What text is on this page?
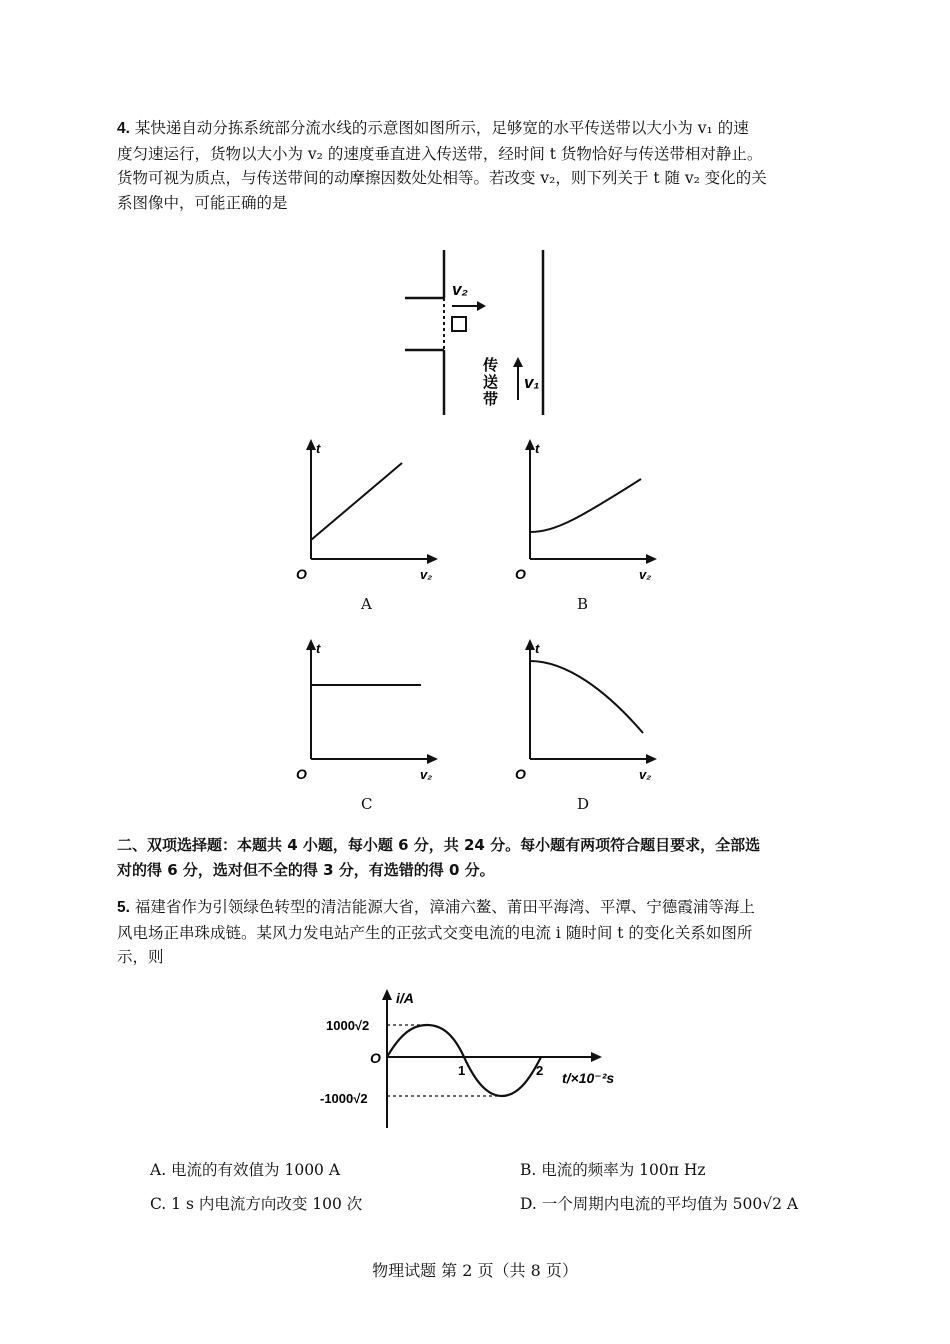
4. 某快递自动分拣系统部分流水线的示意图如图所示，足够宽的水平传送带以大小为 v₁ 的速
度匀速运行，货物以大小为 v₂ 的速度垂直进入传送带，经时间 t 货物恰好与传送带相对静止。
货物可视为质点，与传送带间的动摩擦因数处处相等。若改变 v₂，则下列关于 t 随 v₂ 变化的关
系图像中，可能正确的是
v₂
传
送
带
v₁
t
v₂
O
A
t
v₂
O
B
t
v₂
O
C
t
v₂
O
D
二、双项选择题：本题共 4 小题，每小题 6 分，共 24 分。每小题有两项符合题目要求，全部选
对的得 6 分，选对但不全的得 3 分，有选错的得 0 分。
5. 福建省作为引领绿色转型的清洁能源大省，漳浦六鳌、莆田平海湾、平潭、宁德霞浦等海上
风电场正串珠成链。某风力发电站产生的正弦式交变电流的电流 i 随时间 t 的变化关系如图所
示，则
i/A
t/×10⁻²s
O
1000√2
-1000√2
1	2
A. 电流的有效值为 1000 A	B. 电流的频率为 100π Hz
C. 1 s 内电流方向改变 100 次	D. 一个周期内电流的平均值为 500√2 A
物理试题 第 2 页（共 8 页）
